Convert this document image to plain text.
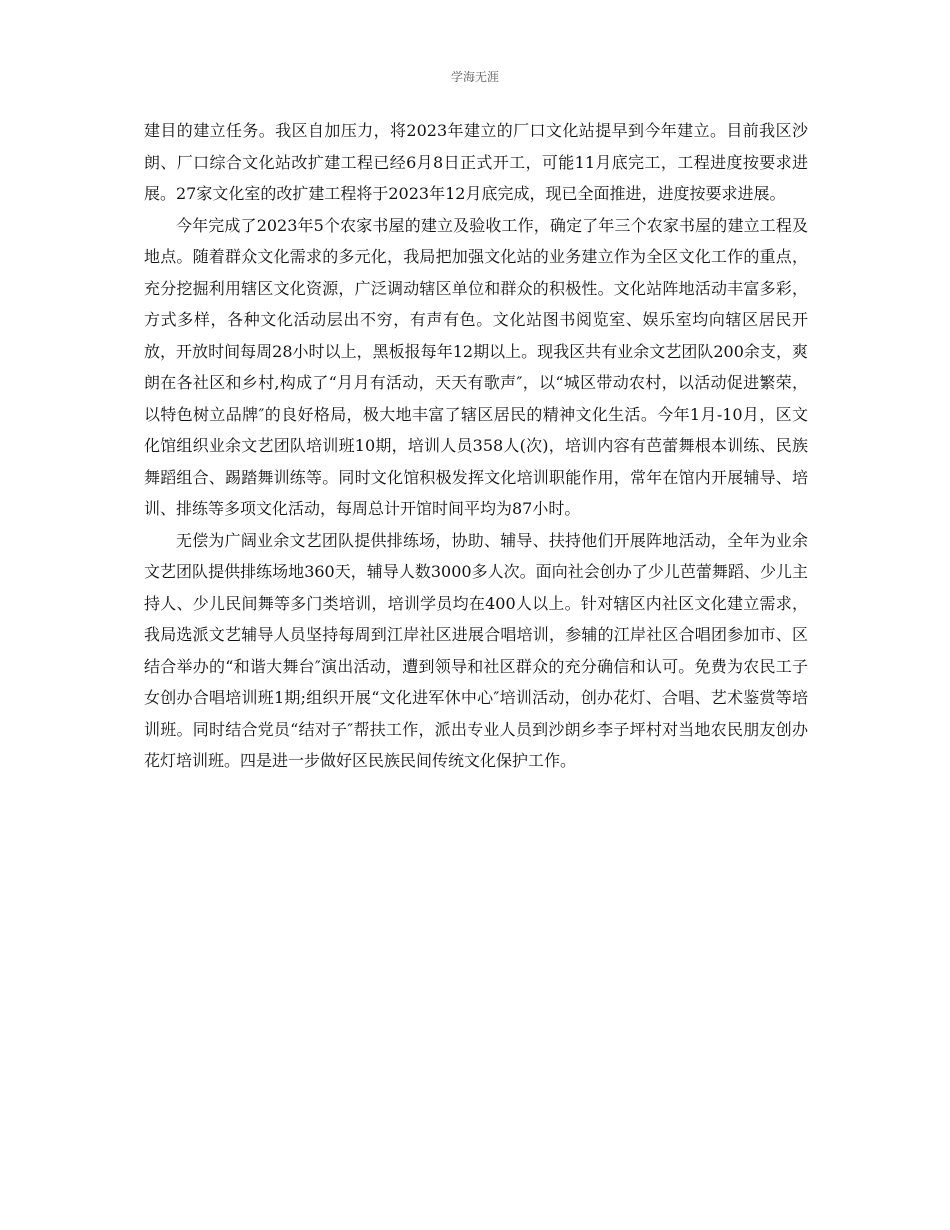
学海无涯

建目的建立任务。我区自加压力，将2023年建立的厂口文化站提早到今年建立。目前我区沙朗、厂口综合文化站改扩建工程已经6月8日正式开工，可能11月底完工，工程进度按要求进展。27家文化室的改扩建工程将于2023年12月底完成，现已全面推进，进度按要求进展。

今年完成了2023年5个农家书屋的建立及验收工作，确定了年三个农家书屋的建立工程及地点。随着群众文化需求的多元化，我局把加强文化站的业务建立作为全区文化工作的重点，充分挖掘利用辖区文化资源，广泛调动辖区单位和群众的积极性。文化站阵地活动丰富多彩，方式多样，各种文化活动层出不穷，有声有色。文化站图书阅览室、娱乐室均向辖区居民开放，开放时间每周28小时以上，黑板报每年12期以上。现我区共有业余文艺团队200余支，爽朗在各社区和乡村,构成了“月月有活动，天天有歌声″，以“城区带动农村，以活动促进繁荣，以特色树立品牌″的良好格局，极大地丰富了辖区居民的精神文化生活。今年1月-10月，区文化馆组织业余文艺团队培训班10期，培训人员358人(次)，培训内容有芭蕾舞根本训练、民族舞蹈组合、踢踏舞训练等。同时文化馆积极发挥文化培训职能作用，常年在馆内开展辅导、培训、排练等多项文化活动，每周总计开馆时间平均为87小时。

无偿为广阔业余文艺团队提供排练场，协助、辅导、扶持他们开展阵地活动，全年为业余文艺团队提供排练场地360天，辅导人数3000多人次。面向社会创办了少儿芭蕾舞蹈、少儿主持人、少儿民间舞等多门类培训，培训学员均在400人以上。针对辖区内社区文化建立需求，我局选派文艺辅导人员坚持每周到江岸社区进展合唱培训，参辅的江岸社区合唱团参加市、区结合举办的“和谐大舞台″演出活动，遭到领导和社区群众的充分确信和认可。免费为农民工子女创办合唱培训班1期;组织开展“文化进军休中心″培训活动，创办花灯、合唱、艺术鉴赏等培训班。同时结合党员“结对子″帮扶工作，派出专业人员到沙朗乡李子坪村对当地农民朋友创办花灯培训班。四是进一步做好区民族民间传统文化保护工作。
